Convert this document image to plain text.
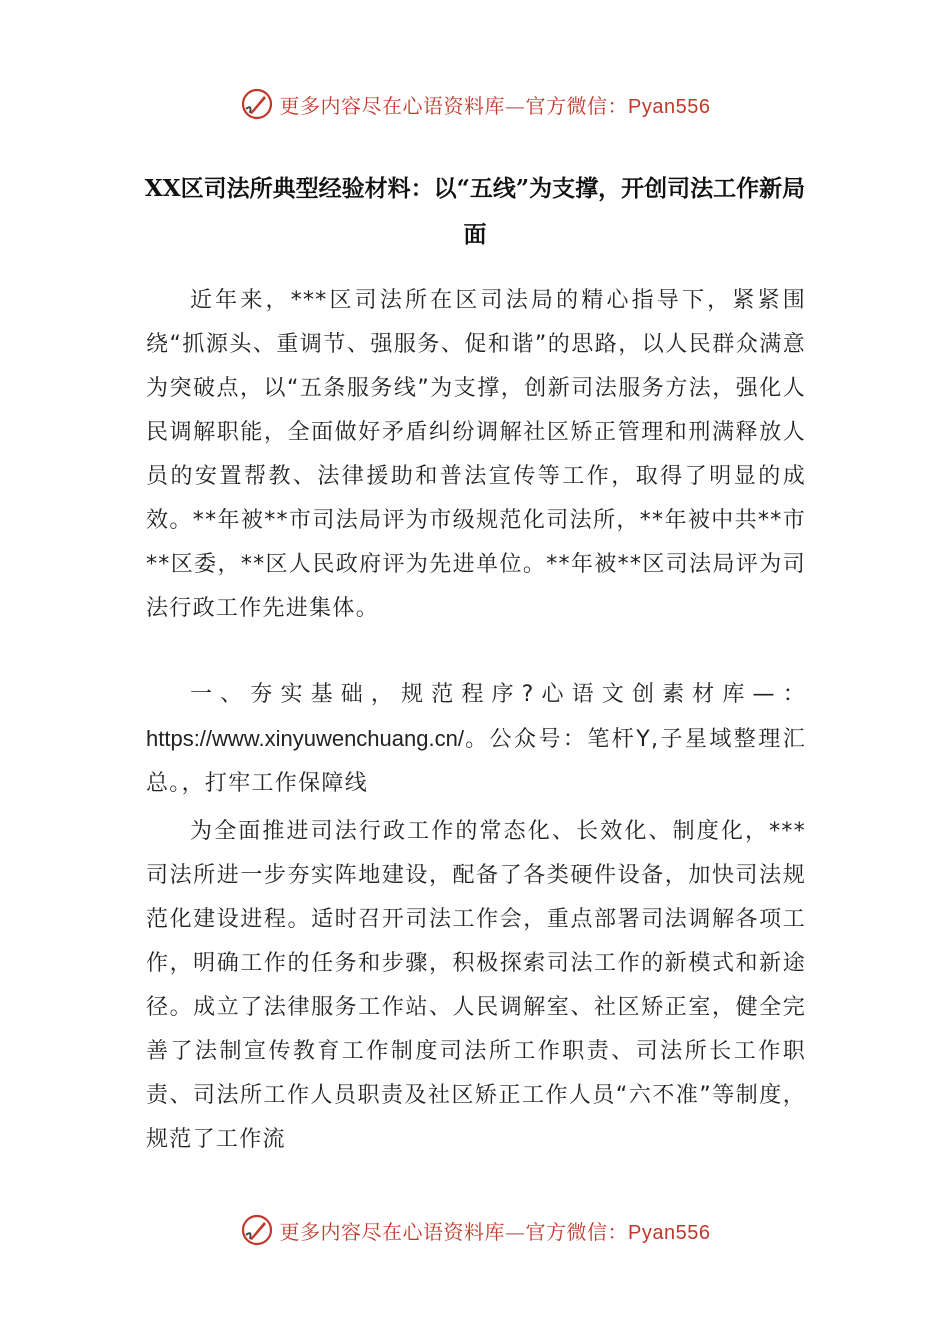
更多内容尽在心语资料库—官方微信：Pyan556
XX区司法所典型经验材料：以“五线”为支撑，开创司法工作新局面

近年来，***区司法所在区司法局的精心指导下，紧紧围绕“抓源头、重调节、强服务、促和谐”的思路，以人民群众满意为突破点，以“五条服务线”为支撑，创新司法服务方法，强化人民调解职能，全面做好矛盾纠纷调解社区矫正管理和刑满释放人员的安置帮教、法律援助和普法宣传等工作，取得了明显的成效。**年被**市司法局评为市级规范化司法所，**年被中共**市**区委，**区人民政府评为先进单位。**年被**区司法局评为司法行政工作先进集体。

一、夯实基础，规范程序?心语文创素材库—：https://www.xinyuwenchuang.cn/。公众号：笔杆Y,子星域整理汇总。，打牢工作保障线

为全面推进司法行政工作的常态化、长效化、制度化，***司法所进一步夯实阵地建设，配备了各类硬件设备，加快司法规范化建设进程。适时召开司法工作会，重点部署司法调解各项工作，明确工作的任务和步骤，积极探索司法工作的新模式和新途径。成立了法律服务工作站、人民调解室、社区矫正室，健全完善了法制宣传教育工作制度司法所工作职责、司法所长工作职责、司法所工作人员职责及社区矫正工作人员“六不准”等制度，规范了工作流

更多内容尽在心语资料库—官方微信：Pyan556
